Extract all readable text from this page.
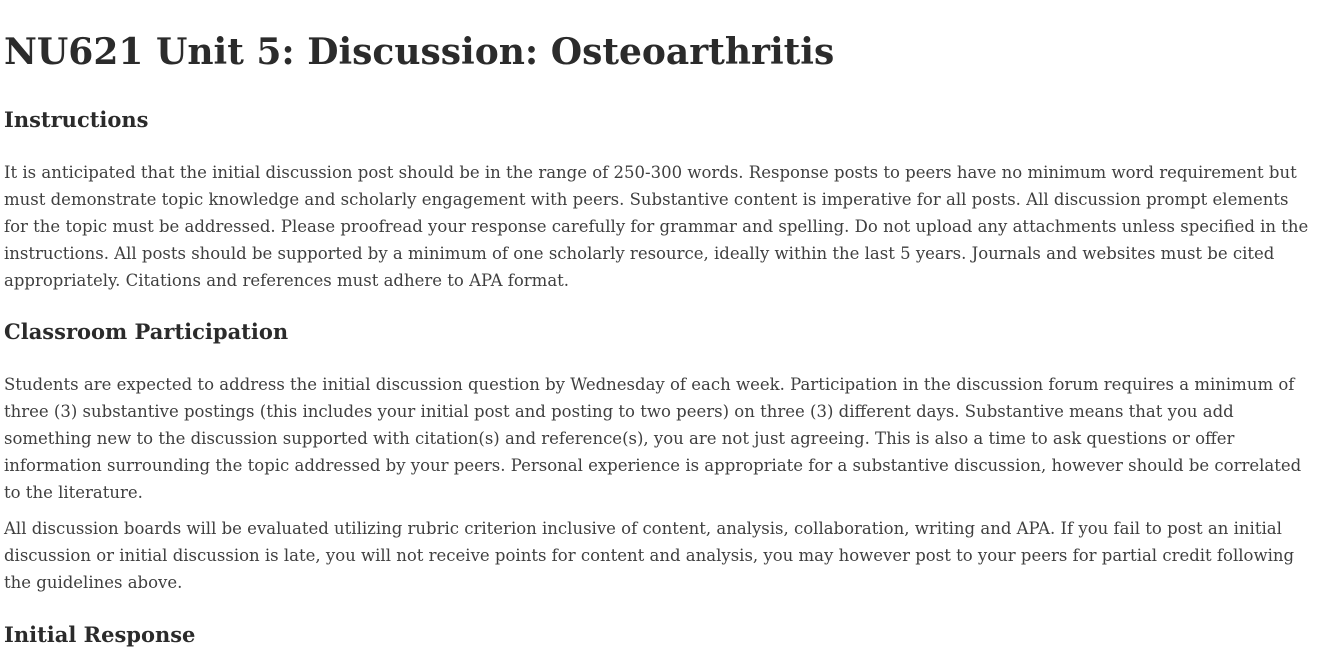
NU621 Unit 5: Discussion: Osteoarthritis
Instructions

It is anticipated that the initial discussion post should be in the range of 250-300 words. Response posts to peers have no minimum word requirement but must demonstrate topic knowledge and scholarly engagement with peers. Substantive content is imperative for all posts. All discussion prompt elements for the topic must be addressed. Please proofread your response carefully for grammar and spelling. Do not upload any attachments unless specified in the instructions. All posts should be supported by a minimum of one scholarly resource, ideally within the last 5 years. Journals and websites must be cited appropriately. Citations and references must adhere to APA format.

Classroom Participation

Students are expected to address the initial discussion question by Wednesday of each week. Participation in the discussion forum requires a minimum of three (3) substantive postings (this includes your initial post and posting to two peers) on three (3) different days. Substantive means that you add something new to the discussion supported with citation(s) and reference(s), you are not just agreeing. This is also a time to ask questions or offer information surrounding the topic addressed by your peers. Personal experience is appropriate for a substantive discussion, however should be correlated to the literature.

All discussion boards will be evaluated utilizing rubric criterion inclusive of content, analysis, collaboration, writing and APA. If you fail to post an initial discussion or initial discussion is late, you will not receive points for content and analysis, you may however post to your peers for partial credit following the guidelines above.

Initial Response
